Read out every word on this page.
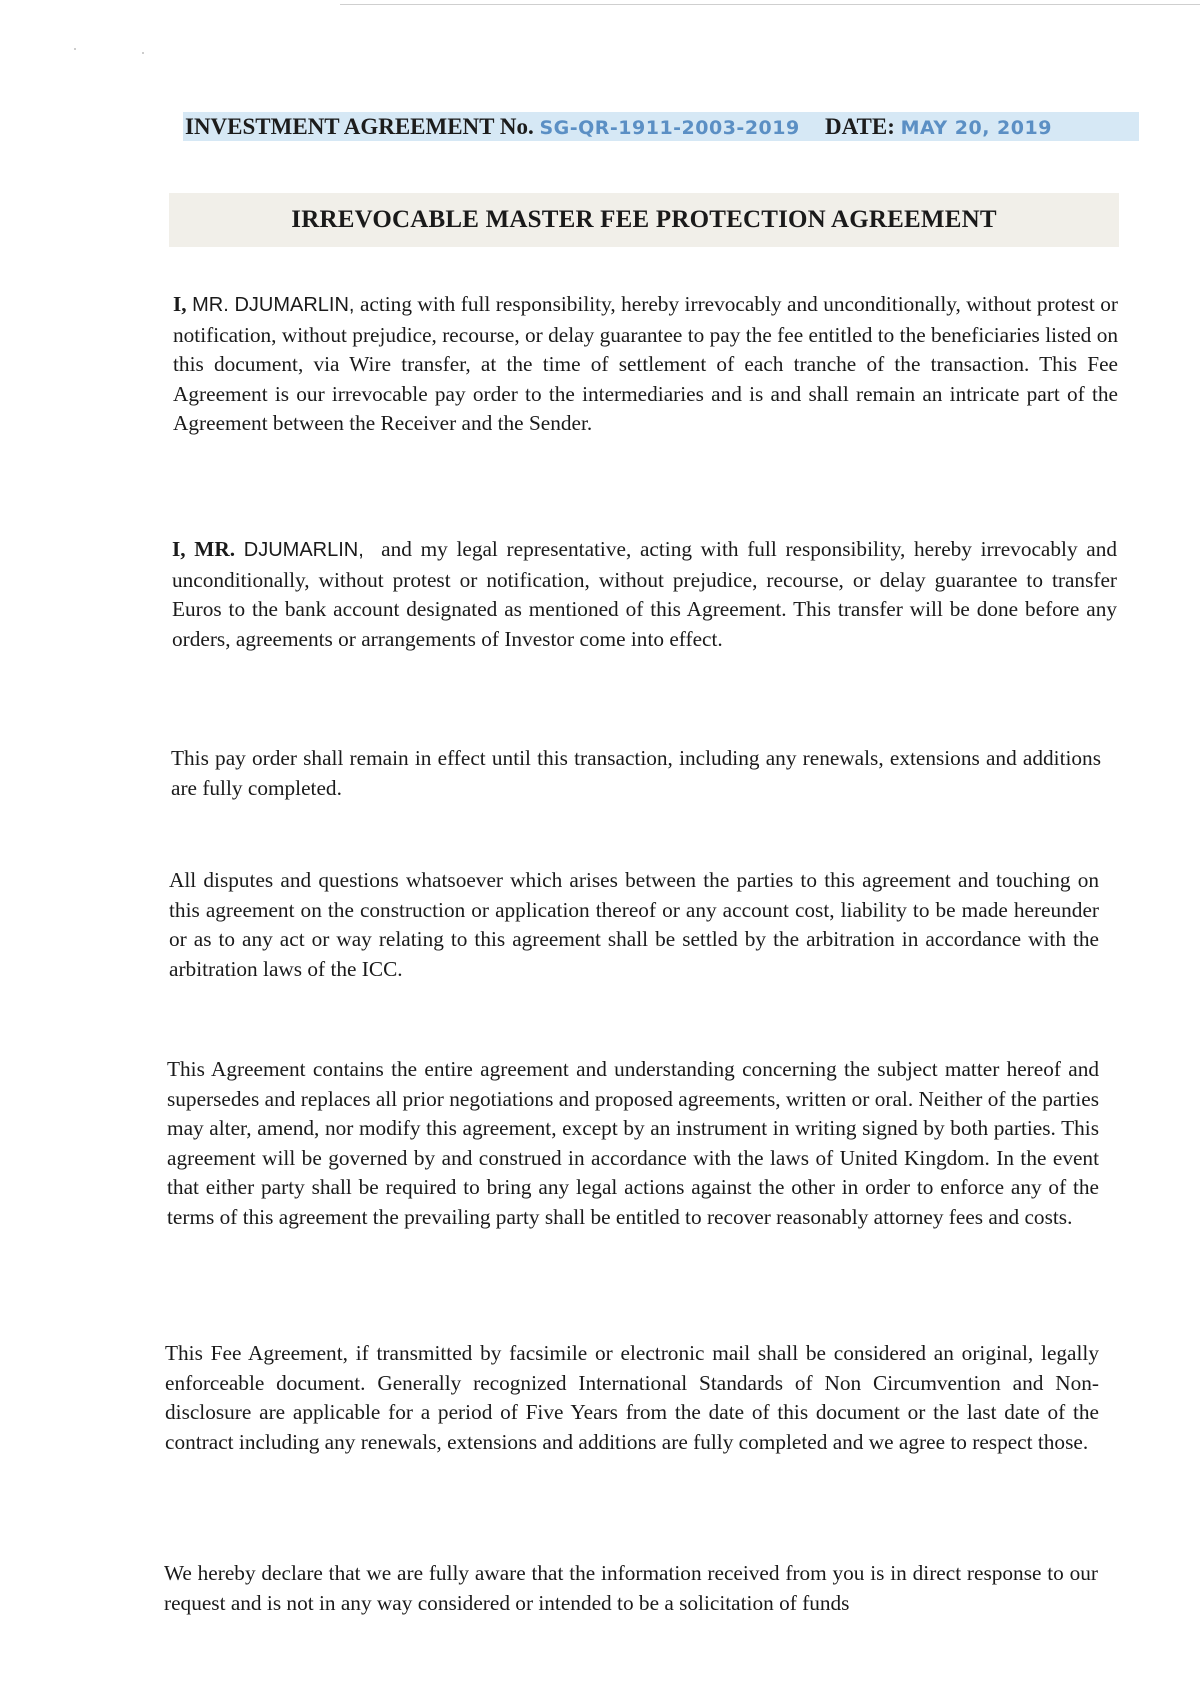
INVESTMENT AGREEMENT No. SG-QR-1911-2003-2019 DATE: MAY 20, 2019
IRREVOCABLE MASTER FEE PROTECTION AGREEMENT

I, MR. DJUMARLIN, acting with full responsibility, hereby irrevocably and unconditionally, without protest or notification, without prejudice, recourse, or delay guarantee to pay the fee entitled to the beneficiaries listed on this document, via Wire transfer, at the time of settlement of each tranche of the transaction. This Fee Agreement is our irrevocable pay order to the intermediaries and is and shall remain an intricate part of the Agreement between the Receiver and the Sender.

I, MR. DJUMARLIN, and my legal representative, acting with full responsibility, hereby irrevocably and unconditionally, without protest or notification, without prejudice, recourse, or delay guarantee to transfer Euros to the bank account designated as mentioned of this Agreement. This transfer will be done before any orders, agreements or arrangements of Investor come into effect.

This pay order shall remain in effect until this transaction, including any renewals, extensions and additions are fully completed.

All disputes and questions whatsoever which arises between the parties to this agreement and touching on this agreement on the construction or application thereof or any account cost, liability to be made hereunder or as to any act or way relating to this agreement shall be settled by the arbitration in accordance with the arbitration laws of the ICC.

This Agreement contains the entire agreement and understanding concerning the subject matter hereof and supersedes and replaces all prior negotiations and proposed agreements, written or oral. Neither of the parties may alter, amend, nor modify this agreement, except by an instrument in writing signed by both parties. This agreement will be governed by and construed in accordance with the laws of United Kingdom. In the event that either party shall be required to bring any legal actions against the other in order to enforce any of the terms of this agreement the prevailing party shall be entitled to recover reasonably attorney fees and costs.

This Fee Agreement, if transmitted by facsimile or electronic mail shall be considered an original, legally enforceable document. Generally recognized International Standards of Non Circumvention and Non-disclosure are applicable for a period of Five Years from the date of this document or the last date of the contract including any renewals, extensions and additions are fully completed and we agree to respect those.

We hereby declare that we are fully aware that the information received from you is in direct response to our request and is not in any way considered or intended to be a solicitation of funds
